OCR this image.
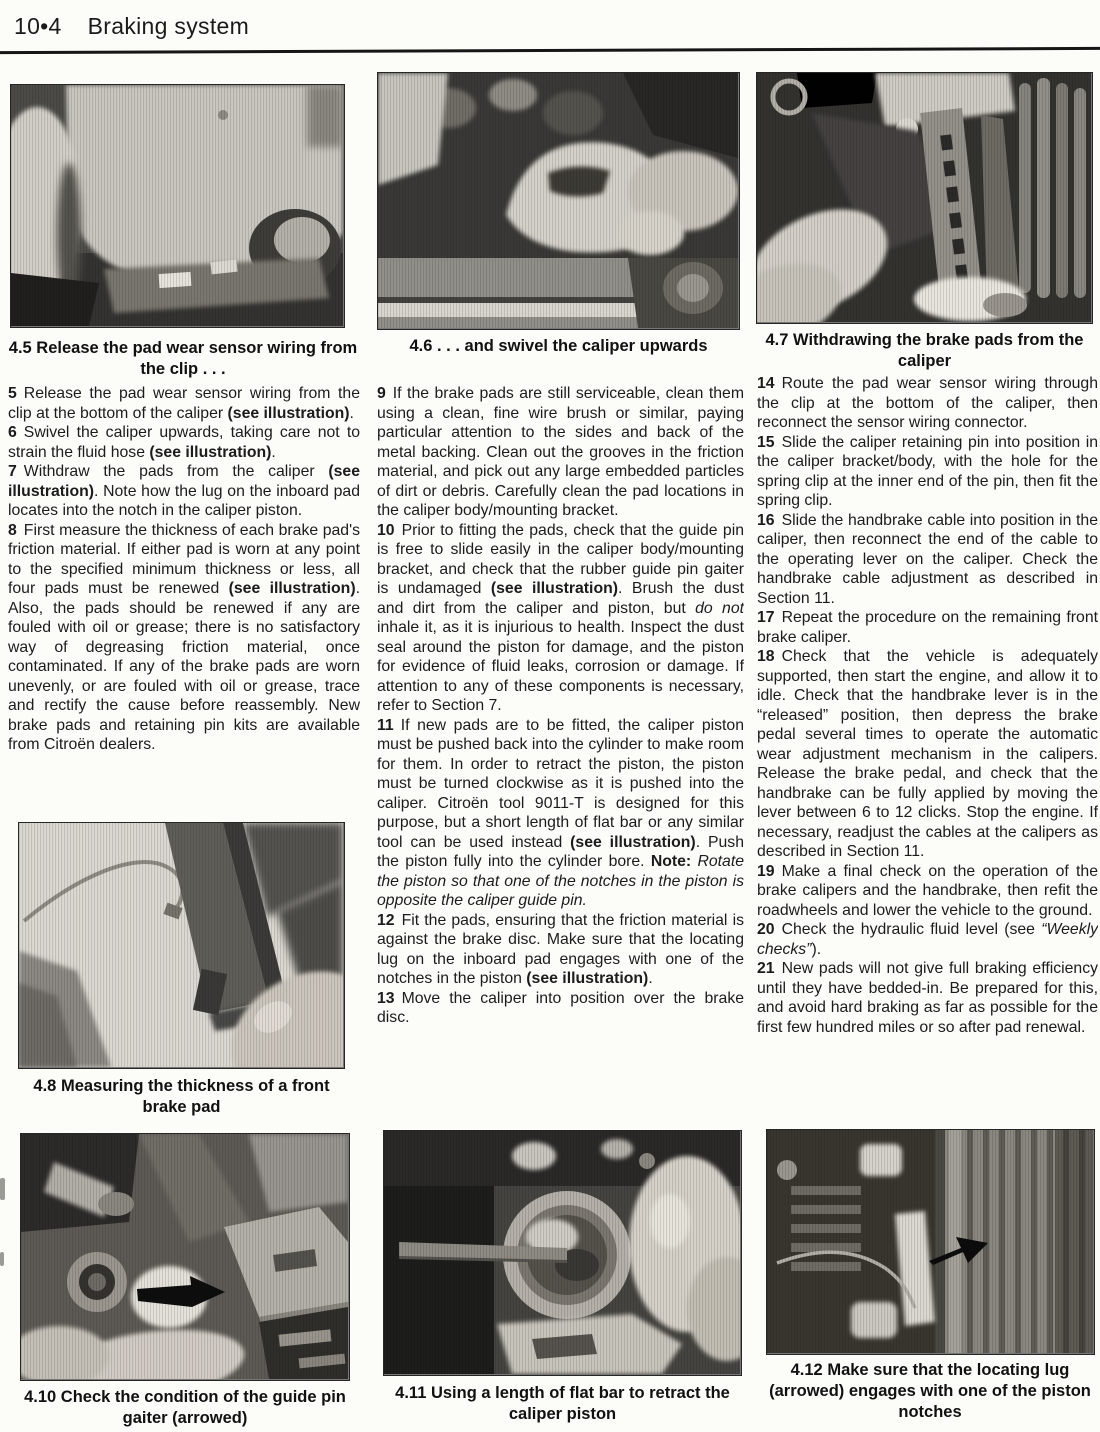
10•4 Braking system
4.5 Release the pad wear sensor wiring from the clip . . .
4.6 . . . and swivel the caliper upwards	4.7 Withdrawing the brake pads from the caliper

5 Release the pad wear sensor wiring from the clip at the bottom of the caliper (see illustration).

6 Swivel the caliper upwards, taking care not to strain the fluid hose (see illustration).

7 Withdraw the pads from the caliper (see illustration). Note how the lug on the inboard pad locates into the notch in the caliper piston.

8 First measure the thickness of each brake pad's friction material. If either pad is worn at any point to the specified minimum thickness or less, all four pads must be renewed (see illustration). Also, the pads should be renewed if any are fouled with oil or grease; there is no satisfactory way of degreasing friction material, once contaminated. If any of the brake pads are worn unevenly, or are fouled with oil or grease, trace and rectify the cause before reassembly. New brake pads and retaining pin kits are available from Citroën dealers.

9 If the brake pads are still serviceable, clean them using a clean, fine wire brush or similar, paying particular attention to the sides and back of the metal backing. Clean out the grooves in the friction material, and pick out any large embedded particles of dirt or debris. Carefully clean the pad locations in the caliper body/mounting bracket.

10 Prior to fitting the pads, check that the guide pin is free to slide easily in the caliper body/mounting bracket, and check that the rubber guide pin gaiter is undamaged (see illustration). Brush the dust and dirt from the caliper and piston, but do not inhale it, as it is injurious to health. Inspect the dust seal around the piston for damage, and the piston for evidence of fluid leaks, corrosion or damage. If attention to any of these components is necessary, refer to Section 7.

11 If new pads are to be fitted, the caliper piston must be pushed back into the cylinder to make room for them. In order to retract the piston, the piston must be turned clockwise as it is pushed into the caliper. Citroën tool 9011-T is designed for this purpose, but a short length of flat bar or any similar tool can be used instead (see illustration). Push the piston fully into the cylinder bore. Note: Rotate the piston so that one of the notches in the piston is opposite the caliper guide pin.

12 Fit the pads, ensuring that the friction material is against the brake disc. Make sure that the locating lug on the inboard pad engages with one of the notches in the piston (see illustration).

13 Move the caliper into position over the brake disc.

14 Route the pad wear sensor wiring through the clip at the bottom of the caliper, then reconnect the sensor wiring connector.

15 Slide the caliper retaining pin into position in the caliper bracket/body, with the hole for the spring clip at the inner end of the pin, then fit the spring clip.

16 Slide the handbrake cable into position in the caliper, then reconnect the end of the cable to the operating lever on the caliper. Check the handbrake cable adjustment as described in Section 11.

17 Repeat the procedure on the remaining front brake caliper.

18 Check that the vehicle is adequately supported, then start the engine, and allow it to idle. Check that the handbrake lever is in the “released” position, then depress the brake pedal several times to operate the automatic wear adjustment mechanism in the calipers. Release the brake pedal, and check that the handbrake can be fully applied by moving the lever between 6 to 12 clicks. Stop the engine. If necessary, readjust the cables at the calipers as described in Section 11.

19 Make a final check on the operation of the brake calipers and the handbrake, then refit the roadwheels and lower the vehicle to the ground.

20 Check the hydraulic fluid level (see “Weekly checks”).

21 New pads will not give full braking efficiency until they have bedded-in. Be prepared for this, and avoid hard braking as far as possible for the first few hundred miles or so after pad renewal.

4.8 Measuring the thickness of a front brake pad
4.10 Check the condition of the guide pin gaiter (arrowed)
4.11 Using a length of flat bar to retract the caliper piston
4.12 Make sure that the locating lug (arrowed) engages with one of the piston notches
